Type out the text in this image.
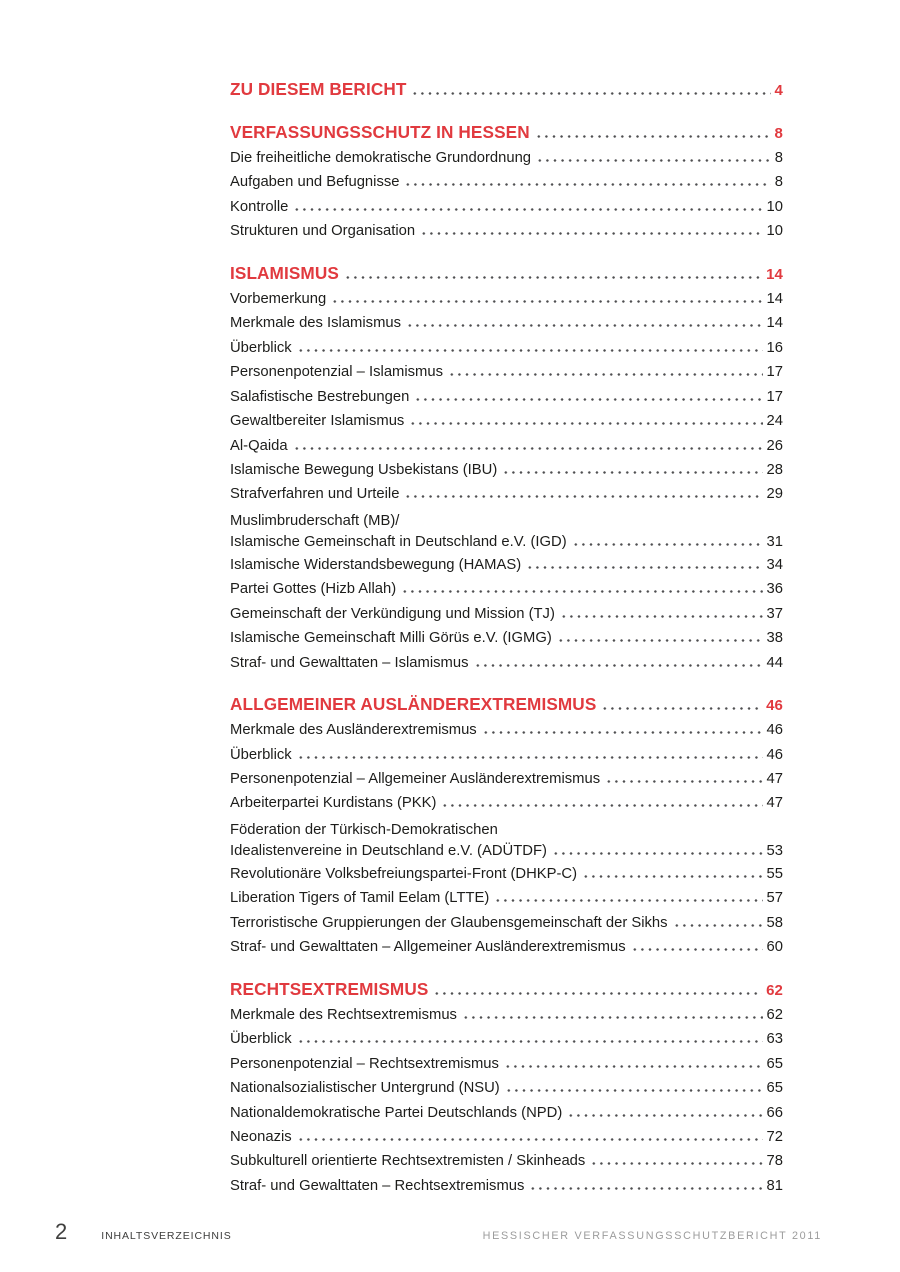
ZU DIESEM BERICHT	4
VERFASSUNGSSCHUTZ IN HESSEN	8
Die freiheitliche demokratische Grundordnung	8
Aufgaben und Befugnisse	8
Kontrolle	10
Strukturen und Organisation	10
ISLAMISMUS	14
Vorbemerkung	14
Merkmale des Islamismus	14
Überblick	16
Personenpotenzial – Islamismus	17
Salafistische Bestrebungen	17
Gewaltbereiter Islamismus	24
Al-Qaida	26
Islamische Bewegung Usbekistans (IBU)	28
Strafverfahren und Urteile	29
Muslimbruderschaft (MB)/
Islamische Gemeinschaft in Deutschland e.V. (IGD)	31
Islamische Widerstandsbewegung (HAMAS)	34
Partei Gottes (Hizb Allah)	36
Gemeinschaft der Verkündigung und Mission (TJ)	37
Islamische Gemeinschaft Milli Görüs e.V. (IGMG)	38
Straf- und Gewalttaten – Islamismus	44
ALLGEMEINER AUSLÄNDEREXTREMISMUS	46
Merkmale des Ausländerextremismus	46
Überblick	46
Personenpotenzial – Allgemeiner Ausländerextremismus	47
Arbeiterpartei Kurdistans (PKK)	47
Föderation der Türkisch-Demokratischen
Idealistenvereine in Deutschland e.V. (ADÜTDF)	53
Revolutionäre Volksbefreiungspartei-Front (DHKP-C)	55
Liberation Tigers of Tamil Eelam (LTTE)	57
Terroristische Gruppierungen der Glaubensgemeinschaft der Sikhs	58
Straf- und Gewalttaten – Allgemeiner Ausländerextremismus	60
RECHTSEXTREMISMUS	62
Merkmale des Rechtsextremismus	62
Überblick	63
Personenpotenzial – Rechtsextremismus	65
Nationalsozialistischer Untergrund (NSU)	65
Nationaldemokratische Partei Deutschlands (NPD)	66
Neonazis	72
Subkulturell orientierte Rechtsextremisten / Skinheads	78
Straf- und Gewalttaten – Rechtsextremismus	81
2	INHALTSVERZEICHNIS	HESSISCHER VERFASSUNGSSCHUTZBERICHT 2011
